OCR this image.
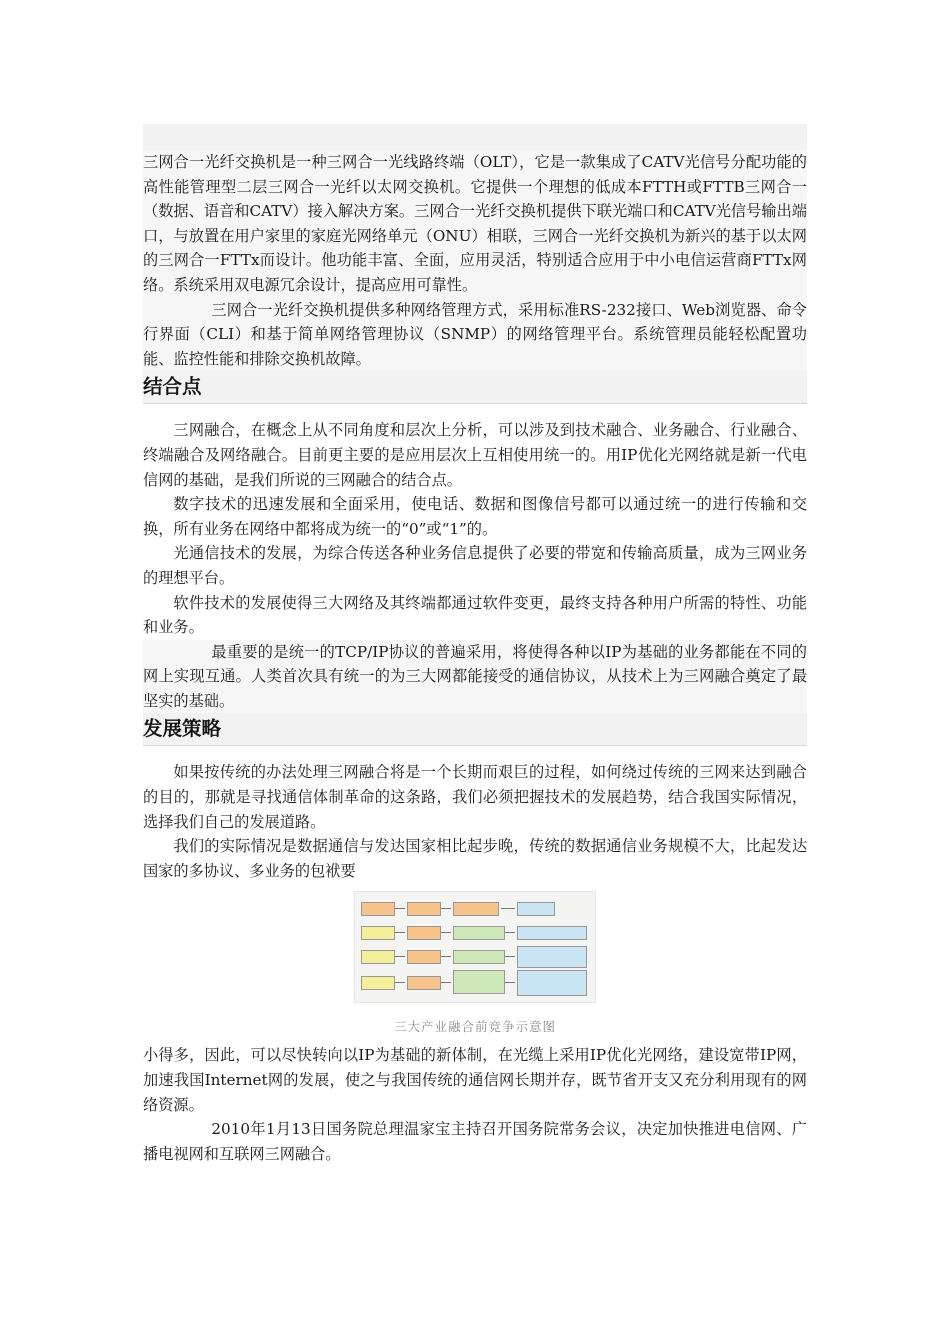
三网合一光纤交换机是一种三网合一光线路终端（OLT），它是一款集成了CATV光信号分配功能的高性能管理型二层三网合一光纤以太网交换机。它提供一个理想的低成本FTTH或FTTB三网合一（数据、语音和CATV）接入解决方案。三网合一光纤交换机提供下联光端口和CATV光信号输出端口，与放置在用户家里的家庭光网络单元（ONU）相联，三网合一光纤交换机为新兴的基于以太网的三网合一FTTx而设计。他功能丰富、全面，应用灵活，特别适合应用于中小电信运营商FTTx网络。系统采用双电源冗余设计，提高应用可靠性。

三网合一光纤交换机提供多种网络管理方式，采用标准RS-232接口、Web浏览器、命令行界面（CLI）和基于简单网络管理协议（SNMP）的网络管理平台。系统管理员能轻松配置功能、监控性能和排除交换机故障。

结合点

三网融合，在概念上从不同角度和层次上分析，可以涉及到技术融合、业务融合、行业融合、终端融合及网络融合。目前更主要的是应用层次上互相使用统一的。用IP优化光网络就是新一代电信网的基础，是我们所说的三网融合的结合点。

数字技术的迅速发展和全面采用，使电话、数据和图像信号都可以通过统一的进行传输和交换，所有业务在网络中都将成为统一的“0”或“1”的。

光通信技术的发展，为综合传送各种业务信息提供了必要的带宽和传输高质量，成为三网业务的理想平台。

软件技术的发展使得三大网络及其终端都通过软件变更，最终支持各种用户所需的特性、功能和业务。

最重要的是统一的TCP/IP协议的普遍采用，将使得各种以IP为基础的业务都能在不同的网上实现互通。人类首次具有统一的为三大网都能接受的通信协议，从技术上为三网融合奠定了最坚实的基础。

发展策略

如果按传统的办法处理三网融合将是一个长期而艰巨的过程，如何绕过传统的三网来达到融合的目的，那就是寻找通信体制革命的这条路，我们必须把握技术的发展趋势，结合我国实际情况，选择我们自己的发展道路。

我们的实际情况是数据通信与发达国家相比起步晚，传统的数据通信业务规模不大，比起发达国家的多协议、多业务的包袱要

三大产业融合前竞争示意图

小得多，因此，可以尽快转向以IP为基础的新体制，在光缆上采用IP优化光网络，建设宽带IP网，加速我国Internet网的发展，使之与我国传统的通信网长期并存，既节省开支又充分利用现有的网络资源。

2010年1月13日国务院总理温家宝主持召开国务院常务会议，决定加快推进电信网、广播电视网和互联网三网融合。
